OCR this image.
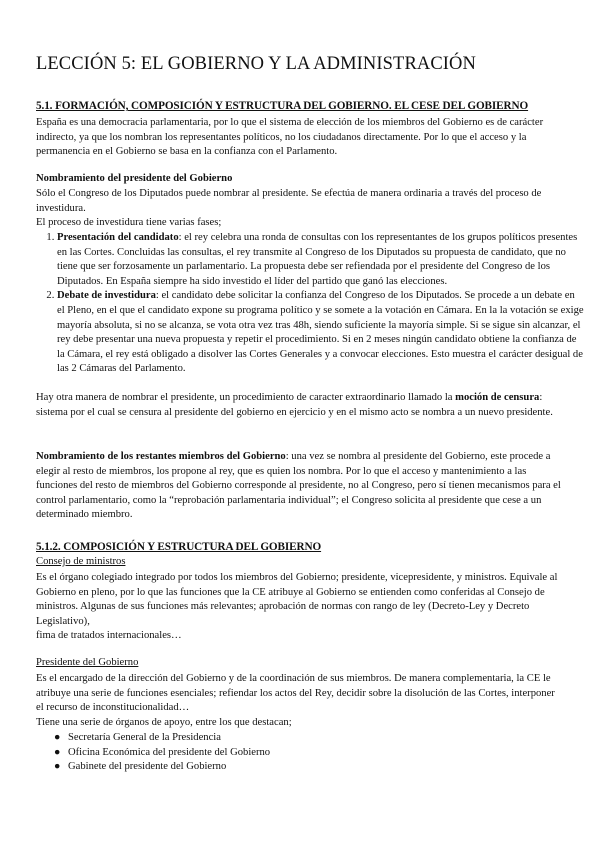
LECCIÓN 5: EL GOBIERNO Y LA ADMINISTRACIÓN
5.1. FORMACIÓN, COMPOSICIÓN Y ESTRUCTURA DEL GOBIERNO. EL CESE DEL GOBIERNO

España es una democracia parlamentaria, por lo que el sistema de elección de los miembros del Gobierno es de carácter indirecto, ya que los nombran los representantes políticos, no los ciudadanos directamente. Por lo que el acceso y la permanencia en el Gobierno se basa en la confianza con el Parlamento.

Nombramiento del presidente del Gobierno

Sólo el Congreso de los Diputados puede nombrar al presidente. Se efectúa de manera ordinaria a través del proceso de investidura.

El proceso de investidura tiene varias fases;

1. Presentación del candidato: el rey celebra una ronda de consultas con los representantes de los grupos políticos presentes en las Cortes. Concluidas las consultas, el rey transmite al Congreso de los Diputados su propuesta de candidato, que no tiene que ser forzosamente un parlamentario. La propuesta debe ser refiendada por el presidente del Congreso de los Diputados. En España siempre ha sido investido el líder del partido que ganó las elecciones.
2. Debate de investidura: el candidato debe solicitar la confianza del Congreso de los Diputados. Se procede a un debate en el Pleno, en el que el candidato expone su programa político y se somete a la votación en Cámara. En la la votación se exige mayoría absoluta, si no se alcanza, se vota otra vez tras 48h, siendo suficiente la mayoría simple. Si se sigue sin alcanzar, el rey debe presentar una nueva propuesta y repetir el procedimiento. Si en 2 meses ningún candidato obtiene la confianza de la Cámara, el rey está obligado a disolver las Cortes Generales y a convocar elecciones. Esto muestra el carácter desigual de las 2 Cámaras del Parlamento.

Hay otra manera de nombrar el presidente, un procedimiento de caracter extraordinario llamado la moción de censura: sistema por el cual se censura al presidente del gobierno en ejercicio y en el mismo acto se nombra a un nuevo presidente.

Nombramiento de los restantes miembros del Gobierno: una vez se nombra al presidente del Gobierno, este procede a elegir al resto de miembros, los propone al rey, que es quien los nombra. Por lo que el acceso y mantenimiento a las funciones del resto de miembros del Gobierno corresponde al presidente, no al Congreso, pero sí tienen mecanismos para el control parlamentario, como la “reprobación parlamentaria individual”; el Congreso solicita al presidente que cese a un determinado miembro.

5.1.2. COMPOSICIÓN Y ESTRUCTURA DEL GOBIERNO
Consejo de ministros

Es el órgano colegiado integrado por todos los miembros del Gobierno; presidente, vicepresidente, y ministros. Equivale al Gobierno en pleno, por lo que las funciones que la CE atribuye al Gobierno se entienden como conferidas al Consejo de ministros. Algunas de sus funciones más relevantes; aprobación de normas con rango de ley (Decreto-Ley y Decreto Legislativo),

fima de tratados internacionales…

Presidente del Gobierno

Es el encargado de la dirección del Gobierno y de la coordinación de sus miembros. De manera complementaria, la CE le atribuye una serie de funciones esenciales; refiendar los actos del Rey, decidir sobre la disolución de las Cortes, interponer el recurso de inconstitucionalidad…

Tiene una serie de órganos de apoyo, entre los que destacan;

● Secretaría General de la Presidencia
● Oficina Económica del presidente del Gobierno
● Gabinete del presidente del Gobierno
